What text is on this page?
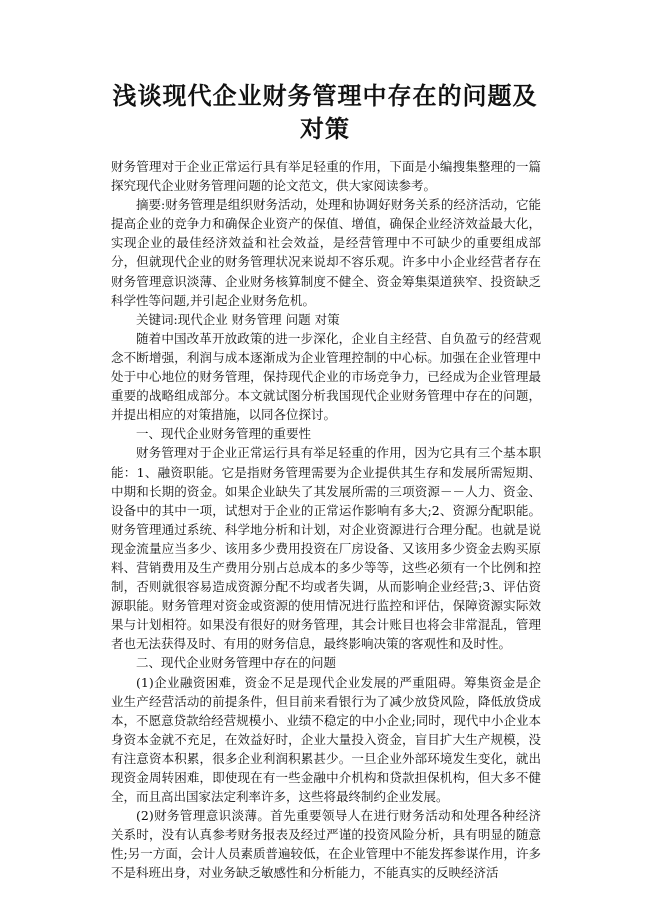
浅谈现代企业财务管理中存在的问题及
对策

财务管理对于企业正常运行具有举足轻重的作用，下面是小编搜集整理的一篇探究现代企业财务管理问题的论文范文，供大家阅读参考。

摘要:财务管理是组织财务活动，处理和协调好财务关系的经济活动，它能提高企业的竞争力和确保企业资产的保值、增值，确保企业经济效益最大化，实现企业的最佳经济效益和社会效益，是经营管理中不可缺少的重要组成部分，但就现代企业的财务管理状况来说却不容乐观。许多中小企业经营者存在财务管理意识淡薄、企业财务核算制度不健全、资金筹集渠道狭窄、投资缺乏科学性等问题,并引起企业财务危机。

关键词:现代企业 财务管理 问题 对策

随着中国改革开放政策的进一步深化，企业自主经营、自负盈亏的经营观念不断增强，利润与成本逐渐成为企业管理控制的中心标。加强在企业管理中处于中心地位的财务管理，保持现代企业的市场竞争力，已经成为企业管理最重要的战略组成部分。本文就试图分析我国现代企业财务管理中存在的问题，并提出相应的对策措施，以同各位探讨。

一、现代企业财务管理的重要性

财务管理对于企业正常运行具有举足轻重的作用，因为它具有三个基本职能：1、融资职能。它是指财务管理需要为企业提供其生存和发展所需短期、中期和长期的资金。如果企业缺失了其发展所需的三项资源－－人力、资金、设备中的其中一项，试想对于企业的正常运作影响有多大;2、资源分配职能。财务管理通过系统、科学地分析和计划，对企业资源进行合理分配。也就是说现金流量应当多少、该用多少费用投资在厂房设备、又该用多少资金去购买原料、营销费用及生产费用分别占总成本的多少等等，这些必须有一个比例和控制，否则就很容易造成资源分配不均或者失调，从而影响企业经营;3、评估资源职能。财务管理对资金或资源的使用情况进行监控和评估，保障资源实际效果与计划相符。如果没有很好的财务管理，其会计账目也将会非常混乱，管理者也无法获得及时、有用的财务信息，最终影响决策的客观性和及时性。

二、现代企业财务管理中存在的问题

(1)企业融资困难，资金不足是现代企业发展的严重阻碍。筹集资金是企业生产经营活动的前提条件，但目前来看银行为了减少放贷风险，降低放贷成本，不愿意贷款给经营规模小、业绩不稳定的中小企业;同时，现代中小企业本身资本金就不充足，在效益好时，企业大量投入资金，盲目扩大生产规模，没有注意资本积累，很多企业利润积累甚少。一旦企业外部环境发生变化，就出现资金周转困难，即使现在有一些金融中介机构和贷款担保机构，但大多不健全，而且高出国家法定利率许多，这些将最终制约企业发展。

(2)财务管理意识淡薄。首先重要领导人在进行财务活动和处理各种经济关系时，没有认真参考财务报表及经过严谨的投资风险分析，具有明显的随意性;另一方面，会计人员素质普遍较低，在企业管理中不能发挥参谋作用，许多不是科班出身，对业务缺乏敏感性和分析能力，不能真实的反映经济活
